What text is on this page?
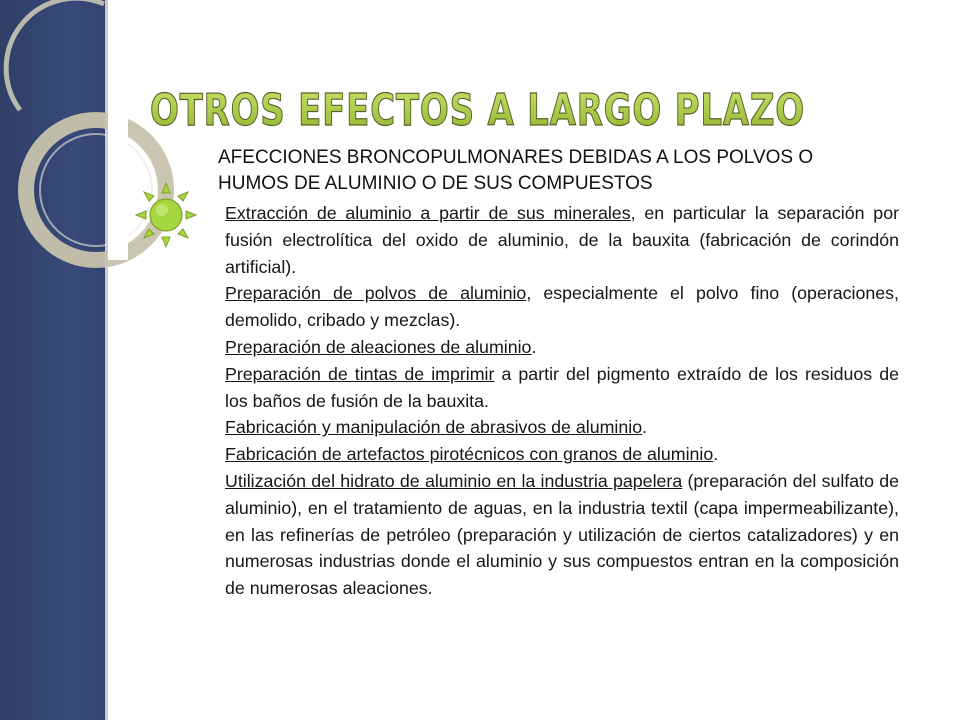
OTROS EFECTOS A LARGO PLAZO
AFECCIONES BRONCOPULMONARES DEBIDAS A LOS POLVOS O
HUMOS DE ALUMINIO O DE SUS COMPUESTOS

Extracción de aluminio a partir de sus minerales, en particular la separación por fusión electrolítica del oxido de aluminio, de la bauxita (fabricación de corindón artificial).

Preparación de polvos de aluminio, especialmente el polvo fino (operaciones, demolido, cribado y mezclas).

Preparación de aleaciones de aluminio.

Preparación de tintas de imprimir a partir del pigmento extraído de los residuos de los baños de fusión de la bauxita.

Fabricación y manipulación de abrasivos de aluminio.

Fabricación de artefactos pirotécnicos con granos de aluminio.

Utilización del hidrato de aluminio en la industria papelera (preparación del sulfato de aluminio), en el tratamiento de aguas, en la industria textil (capa impermeabilizante), en las refinerías de petróleo (preparación y utilización de ciertos catalizadores) y en numerosas industrias donde el aluminio y sus compuestos entran en la composición de numerosas aleaciones.
